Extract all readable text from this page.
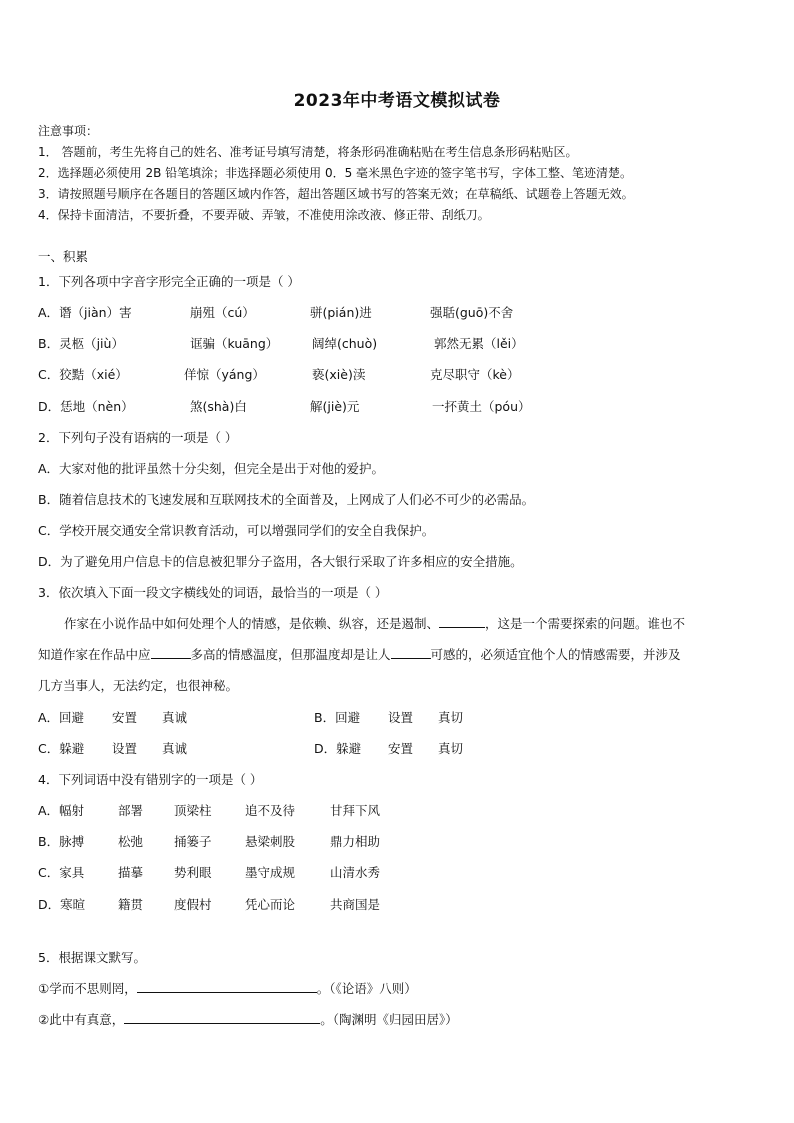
2023年中考语文模拟试卷
注意事项：
1． 答题前，考生先将自己的姓名、准考证号填写清楚，将条形码准确粘贴在考生信息条形码粘贴区。
2．选择题必须使用 2B 铅笔填涂；非选择题必须使用 0．5 毫米黑色字迹的签字笔书写，字体工整、笔迹清楚。
3．请按照题号顺序在各题目的答题区域内作答，超出答题区域书写的答案无效；在草稿纸、试题卷上答题无效。
4．保持卡面清洁，不要折叠，不要弄破、弄皱，不准使用涂改液、修正带、刮纸刀。
一、积累
1．下列各项中字音字形完全正确的一项是（ ）
A．谮（jiàn）害	崩殂（cú）	骈(pián)进	强聒(guō)不舍
B．灵柩（jiù）	诓骗（kuāng）	阔绰(chuò)	郭然无累（lěi）
C．狡黠（xié）	佯惊（yáng）	亵(xiè)渎	克尽职守（kè）
D．恁地（nèn）	煞(shà)白	解(jiè)元	一抔黄土（póu）
2．下列句子没有语病的一项是（ ）
A．大家对他的批评虽然十分尖刻，但完全是出于对他的爱护。
B．随着信息技术的飞速发展和互联网技术的全面普及，上网成了人们必不可少的必需品。
C．学校开展交通安全常识教育活动，可以增强同学们的安全自我保护。
D．为了避免用户信息卡的信息被犯罪分子盗用，各大银行采取了许多相应的安全措施。
3．依次填入下面一段文字横线处的词语，最恰当的一项是（ ）
作家在小说作品中如何处理个人的情感，是依赖、纵容，还是遏制、	，这是一个需要探索的问题。谁也不
知道作家在作品中应	多高的情感温度，但那温度却是让人	可感的，必须适宜他个人的情感需要，并涉及
几方当事人，无法约定，也很神秘。
A．回避 安置 真诚	B．回避 设置 真切
C．躲避 设置 真诚	D．躲避 安置 真切
4．下列词语中没有错别字的一项是（ ）
A．幅射	部署 顶梁柱	追不及待	甘拜下风
B．脉搏	松弛 捅篓子	悬梁刺股	鼎力相助
C．家具	描摹 势利眼	墨守成规	山清水秀
D．寒暄	籍贯 度假村	凭心而论	共商国是
5．根据课文默写。
①学而不思则罔，	。（《论语》八则）
②此中有真意，	。（陶渊明《归园田居》）
